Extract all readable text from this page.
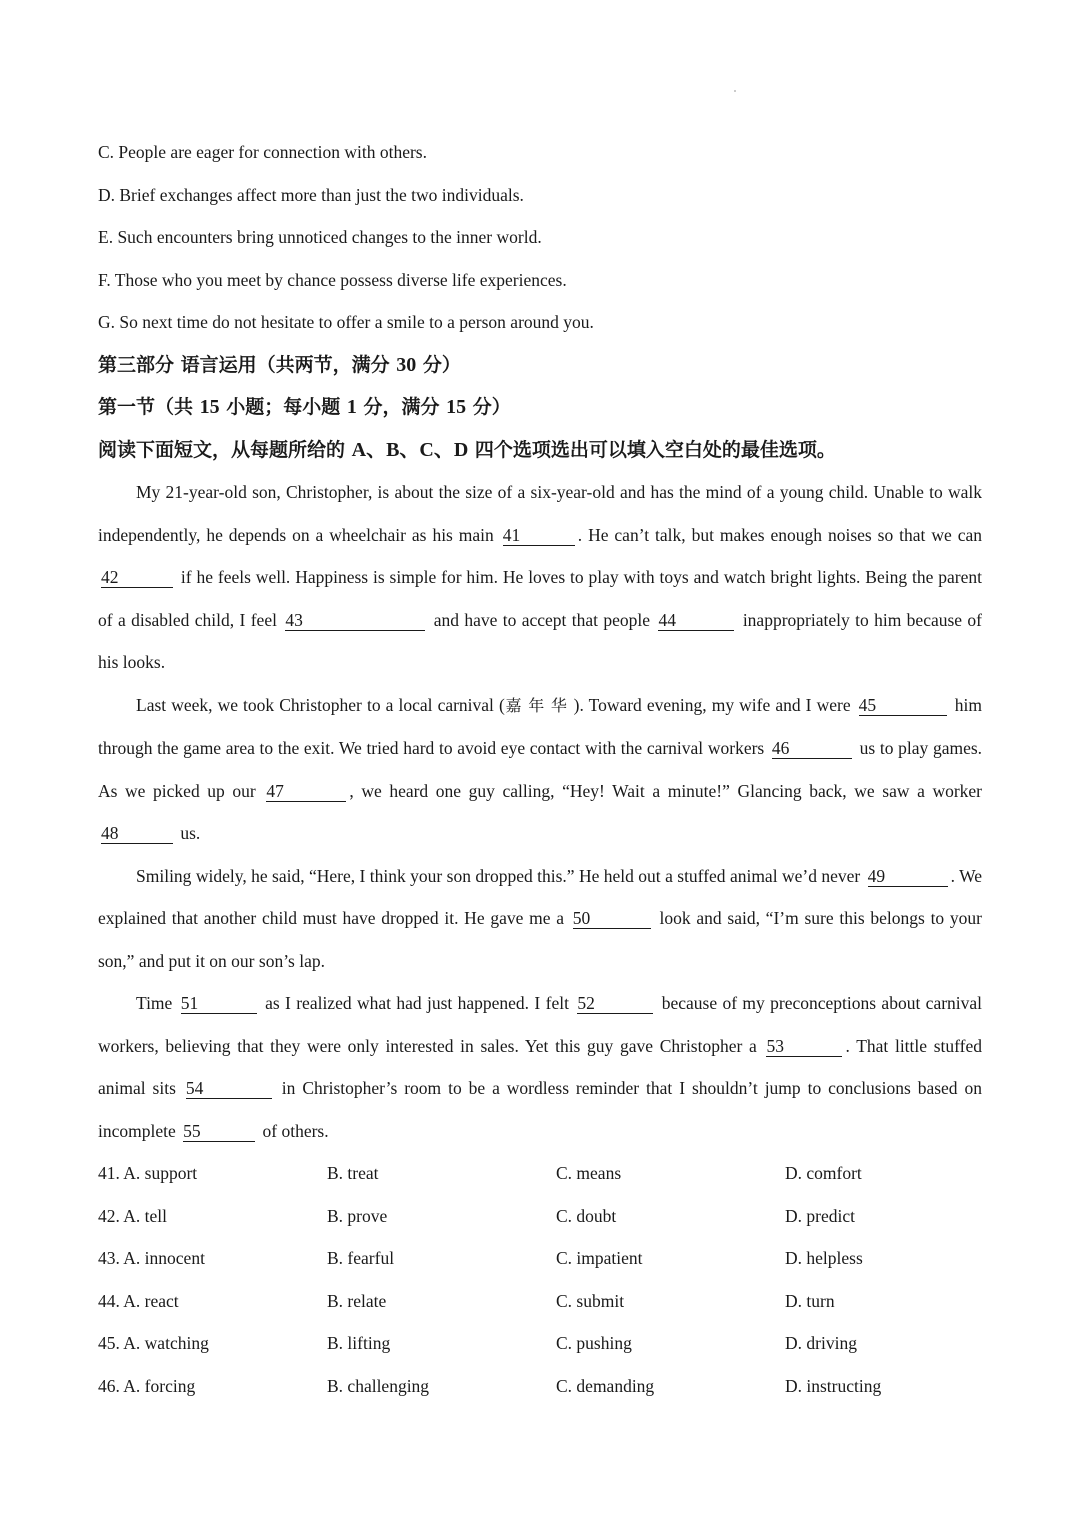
C. People are eager for connection with others.
D. Brief exchanges affect more than just the two individuals.
E. Such encounters bring unnoticed changes to the inner world.
F. Those who you meet by chance possess diverse life experiences.
G. So next time do not hesitate to offer a smile to a person around you.
第三部分 语言运用（共两节，满分 30 分）
第一节（共 15 小题；每小题 1 分，满分 15 分）
阅读下面短文，从每题所给的 A、B、C、D 四个选项选出可以填入空白处的最佳选项。
My 21-year-old son, Christopher, is about the size of a six-year-old and has the mind of a young child. Unable to walk independently, he depends on a wheelchair as his main 41	. He can’t talk, but makes enough noises so that we can 42	if he feels well. Happiness is simple for him. He loves to play with toys and watch bright lights. Being the parent of a disabled child, I feel 43	and have to accept that people 44	inappropriately to him because of his looks.
Last week, we took Christopher to a local carnival (嘉年华). Toward evening, my wife and I were 45	him through the game area to the exit. We tried hard to avoid eye contact with the carnival workers 46	us to play games. As we picked up our 47	, we heard one guy calling, “Hey! Wait a minute!” Glancing back, we saw a worker 48	us.
Smiling widely, he said, “Here, I think your son dropped this.” He held out a stuffed animal we’d never 49	. We explained that another child must have dropped it. He gave me a 50	look and said, “I’m sure this belongs to your son,” and put it on our son’s lap.
Time 51	as I realized what had just happened. I felt 52	because of my preconceptions about carnival workers, believing that they were only interested in sales. Yet this guy gave Christopher a 53	. That little stuffed animal sits 54	in Christopher’s room to be a wordless reminder that I shouldn’t jump to conclusions based on incomplete 55	of others.
41. A. support	B. treat	C. means	D. comfort
42. A. tell	B. prove	C. doubt	D. predict
43. A. innocent	B. fearful	C. impatient	D. helpless
44. A. react	B. relate	C. submit	D. turn
45. A. watching	B. lifting	C. pushing	D. driving
46. A. forcing	B. challenging	C. demanding	D. instructing
